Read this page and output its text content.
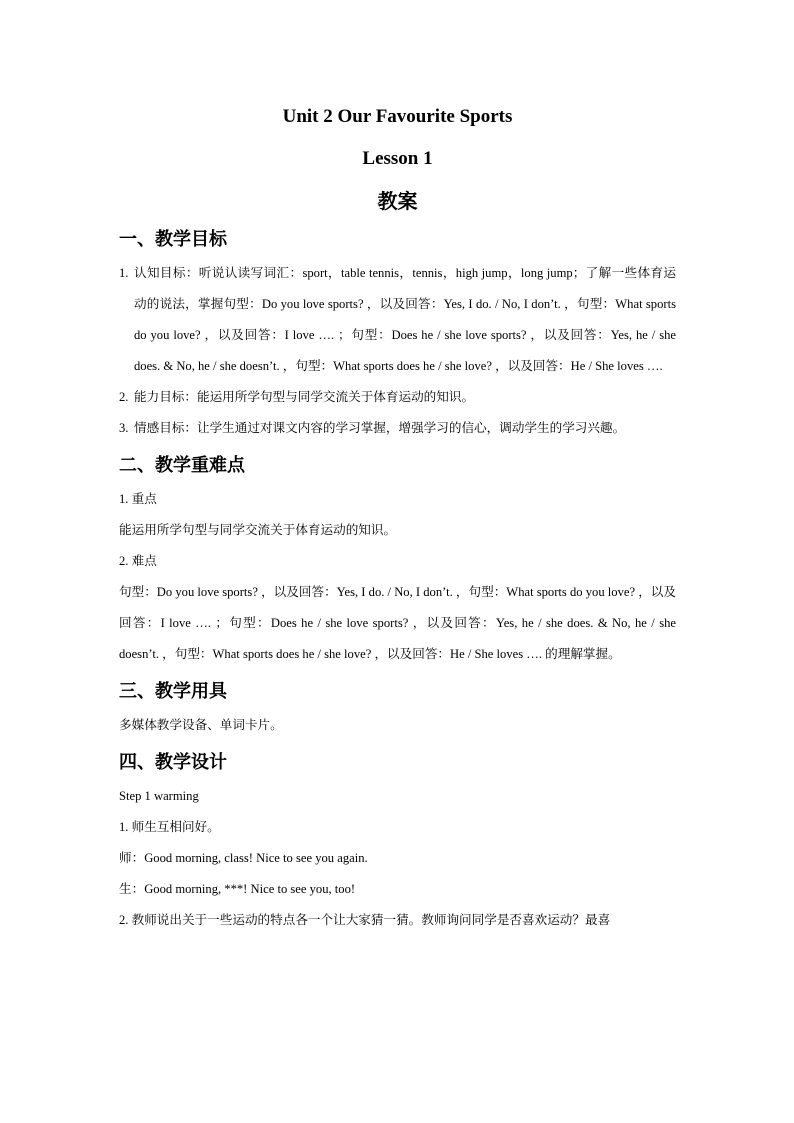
Unit 2 Our Favourite Sports
Lesson 1
教案
一、教学目标
1. 认知目标：听说认读写词汇：sport，table tennis，tennis，high jump，long jump；了解一些体育运动的说法，掌握句型：Do you love sports? ，以及回答：Yes, I do. / No, I don’t. ，句型：What sports do you love? ，以及回答：I love …. ；句型：Does he / she love sports? ，以及回答：Yes, he / she does. & No, he / she doesn’t. ，句型：What sports does he / she love? ，以及回答：He / She loves ….
2. 能力目标：能运用所学句型与同学交流关于体育运动的知识。
3. 情感目标：让学生通过对课文内容的学习掌握，增强学习的信心，调动学生的学习兴趣。
二、教学重难点
1. 重点
能运用所学句型与同学交流关于体育运动的知识。
2. 难点
句型：Do you love sports? ，以及回答：Yes, I do. / No, I don’t. ，句型：What sports do you love? ，以及回答：I love …. ；句型：Does he / she love sports? ，以及回答：Yes, he / she does. & No, he / she doesn’t. ，句型：What sports does he / she love? ，以及回答：He / She loves …. 的理解掌握。
三、教学用具
多媒体教学设备、单词卡片。
四、教学设计
Step 1 warming
1. 师生互相问好。
师：Good morning, class! Nice to see you again.
生：Good morning, ***! Nice to see you, too!
2. 教师说出关于一些运动的特点各一个让大家猜一猜。教师询问同学是否喜欢运动？最喜
